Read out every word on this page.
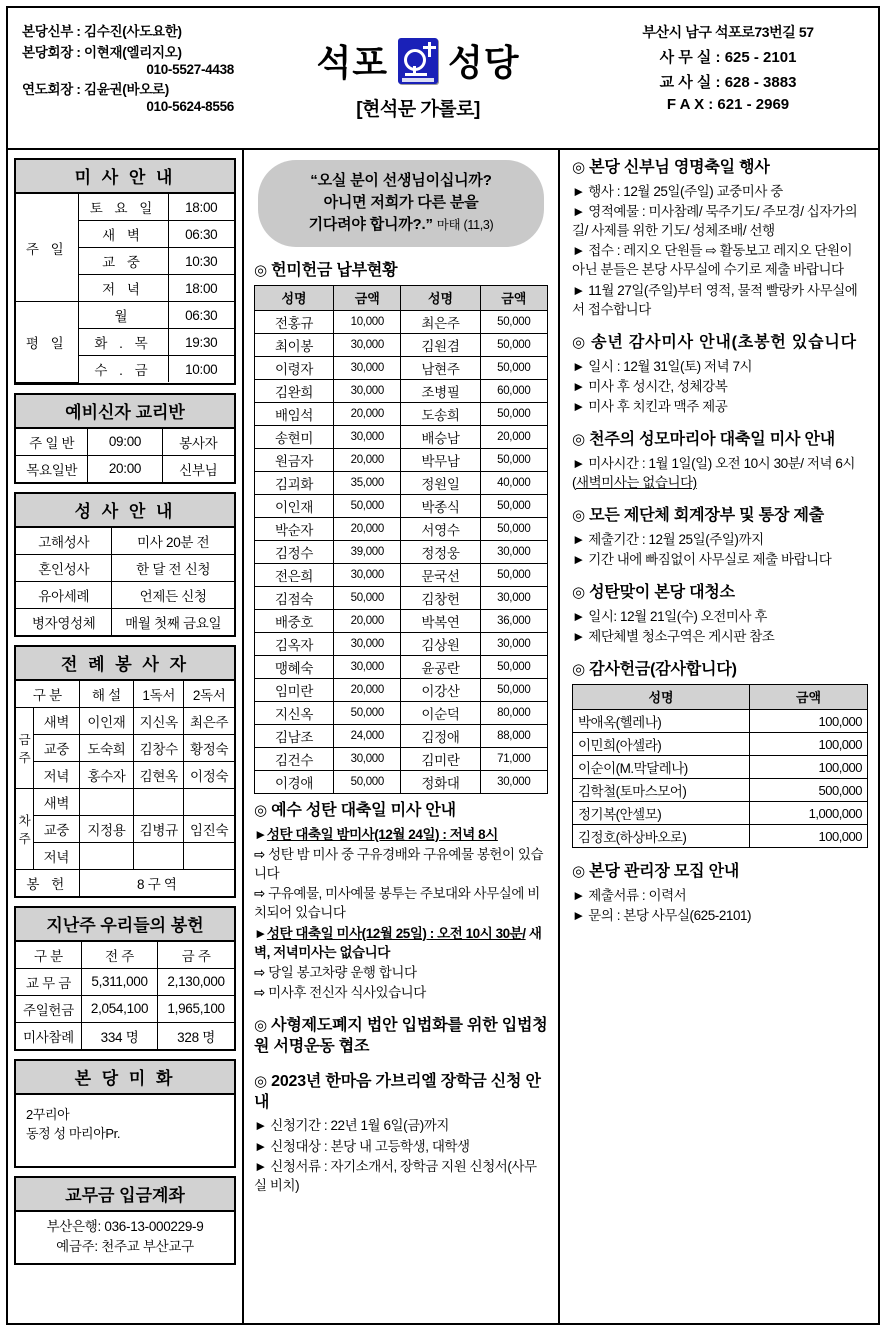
본당신부 : 김수진(사도요한)
본당회장 : 이현재(엘리지오)
010-5527-4438
연도회장 : 김윤권(바오로)
010-5624-8556
석포 성당
[현석문 가롤로]
부산시 남구 석포로73번길 57
사 무 실 : 625 - 2101
교 사 실 : 628 - 3883
F A X : 621 - 2969
미 사 안 내
주 일	토 요 일	18:00
	새 벽	06:30
	교 중	10:30
	저 녁	18:00
평 일	월	06:30
	화 . 목	19:30
	수 . 금	10:00
예비신자 교리반
주 일 반	09:00	봉사자
목요일반	20:00	신부님
성 사 안 내
고해성사	미사 20분 전
혼인성사	한 달 전 신청
유아세례	언제든 신청
병자영성체	매월 첫째 금요일
전 례 봉 사 자
구 분		해 설	1독서	2독서
금 주	새벽	이인재	지신옥	최은주
	교중	도숙희	김창수	황정숙
	저녁	홍수자	김현옥	이정숙
차 주	새벽			
	교중	지정용	김병규	임진숙
	저녁			
봉 헌		8 구 역		
지난주 우리들의 봉헌
구 분	전 주	금 주
교 무 금	5,311,000	2,130,000
주일헌금	2,054,100	1,965,100
미사참례	334 명	328 명
본 당 미 화
2꾸리아
동정 성 마리아Pr.
교무금 입금계좌
부산은행: 036-13-000229-9
예금주: 천주교 부산교구
“오실 분이 선생님이십니까?
아니면 저희가 다른 분을
기다려야 합니까?.” 마태 (11,3)
◎ 헌미헌금 납부현황
성명	금액	성명	금액
전홍규	10,000	최은주	50,000
최이봉	30,000	김원겸	50,000
이령자	30,000	남현주	50,000
김완희	30,000	조병필	60,000
배임석	20,000	도송희	50,000
송현미	30,000	배승남	20,000
원금자	20,000	박무남	50,000
김괴화	35,000	정원일	40,000
이인재	50,000	박종식	50,000
박순자	20,000	서영수	50,000
김정수	39,000	정정웅	30,000
전은희	30,000	문국선	50,000
김점숙	50,000	김창헌	30,000
배중호	20,000	박복연	36,000
김옥자	30,000	김상원	30,000
맹혜숙	30,000	윤공란	50,000
임미란	20,000	이강산	50,000
지신옥	50,000	이순덕	80,000
김남조	24,000	김정애	88,000
김건수	30,000	김미란	71,000
이경애	50,000	정화대	30,000
◎ 예수 성탄 대축일 미사 안내
►성탄 대축일 밤미사(12월 24일) : 저녁 8시
⇨ 성탄 밤 미사 중 구유경배와 구유예물 봉헌이 있습니다
⇨ 구유예물, 미사예물 봉투는 주보대와 사무실에 비치되어 있습니다
►성탄 대축일 미사(12월 25일) : 오전 10시 30분/ 새벽, 저녁미사는 없습니다
⇨ 당일 봉고차량 운행 합니다
⇨ 미사후 전신자 식사있습니다
◎ 사형제도폐지 법안 입법화를 위한 입법청원 서명운동 협조
◎ 2023년 한마음 가브리엘 장학금 신청 안내
► 신청기간 : 22년 1월 6일(금)까지
► 신청대상 : 본당 내 고등학생, 대학생
► 신청서류 : 자기소개서, 장학금 지원 신청서(사무실 비치)
◎ 본당 신부님 영명축일 행사
► 행사 : 12월 25일(주일) 교중미사 중
► 영적예물 : 미사참례/ 묵주기도/ 주모경/ 십자가의 길/ 사제를 위한 기도/ 성체조배/ 선행
► 접수 : 레지오 단원들 ⇨ 활동보고 레지오 단원이 아닌 분들은 본당 사무실에 수기로 제출 바랍니다
► 11월 27일(주일)부터 영적, 물적 빨랑카 사무실에서 접수합니다
◎ 송년 감사미사 안내(초봉헌 있습니다
► 일시 : 12월 31일(토) 저녁 7시
► 미사 후 성시간, 성체강복
► 미사 후 치킨과 맥주 제공
◎ 천주의 성모마리아 대축일 미사 안내
► 미사시간 : 1월 1일(일) 오전 10시 30분/ 저녁 6시(새벽미사는 없습니다)
◎ 모든 제단체 회계장부 및 통장 제출
► 제출기간 : 12월 25일(주일)까지
► 기간 내에 빠짐없이 사무실로 제출 바랍니다
◎ 성탄맞이 본당 대청소
► 일시: 12월 21일(수) 오전미사 후
► 제단체별 청소구역은 게시판 참조
◎ 감사헌금(감사합니다)
성명	금액
박애옥(헬레나)	100,000
이민희(아셀라)	100,000
이순이(M.막달레나)	100,000
김학철(토마스모어)	500,000
정기복(안셀모)	1,000,000
김정호(하상바오로)	100,000
◎ 본당 관리장 모집 안내
► 제출서류 : 이력서
► 문의 : 본당 사무실(625-2101)
